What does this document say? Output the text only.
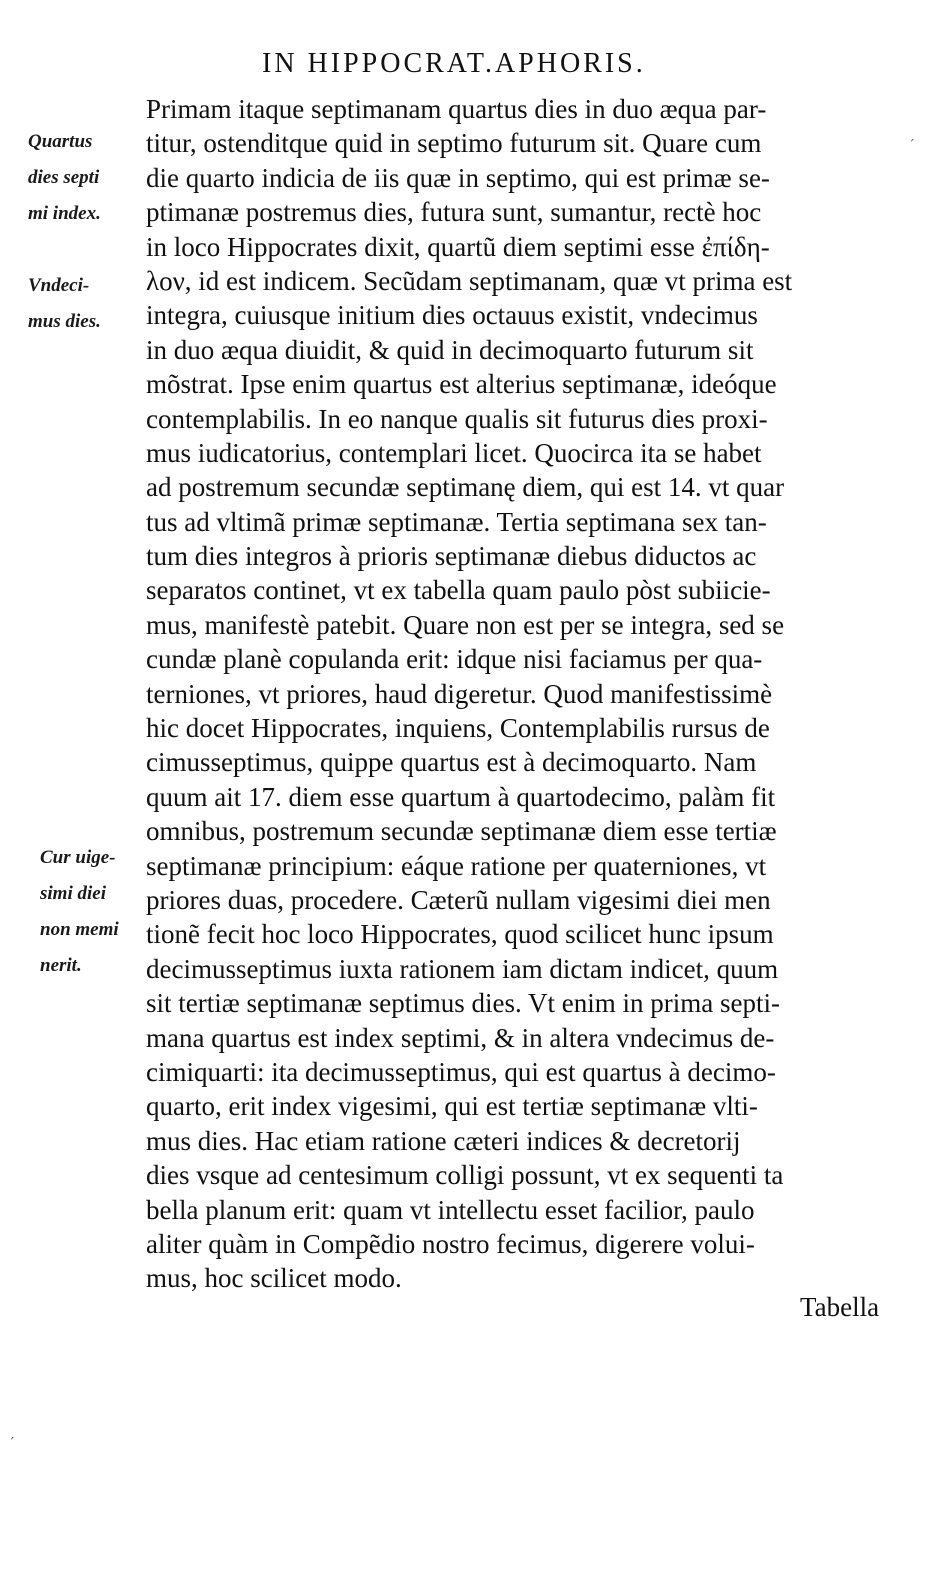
IN HIPPOCRAT.APHORIS.
Quartus
dies septi
mi index.
Vndeci-
mus dies.
Cur uige-
simi diei
non memi
nerit.
Primam itaque septimanam quartus dies in duo æqua par-
titur, ostenditque quid in septimo futurum sit. Quare cum
die quarto indicia de iis quæ in septimo, qui est primæ se-
ptimanæ postremus dies, futura sunt, sumantur, rectè hoc
in loco Hippocrates dixit, quartũ diem septimi esse ἐπίδη-
λον, id est indicem. Secũdam septimanam, quæ vt prima est
integra, cuiusque initium dies octauus existit, vndecimus
in duo æqua diuidit, & quid in decimoquarto futurum sit
mõstrat. Ipse enim quartus est alterius septimanæ, ideóque
contemplabilis. In eo nanque qualis sit futurus dies proxi-
mus iudicatorius, contemplari licet. Quocirca ita se habet
ad postremum secundæ septimanę diem, qui est 14. vt quar
tus ad vltimã primæ septimanæ. Tertia septimana sex tan-
tum dies integros à prioris septimanæ diebus diductos ac
separatos continet, vt ex tabella quam paulo pòst subiicie-
mus, manifestè patebit. Quare non est per se integra, sed se
cundæ planè copulanda erit: idque nisi faciamus per qua-
terniones, vt priores, haud digeretur. Quod manifestissimè
hic docet Hippocrates, inquiens, Contemplabilis rursus de
cimusseptimus, quippe quartus est à decimoquarto. Nam
quum ait 17. diem esse quartum à quartodecimo, palàm fit
omnibus, postremum secundæ septimanæ diem esse tertiæ
septimanæ principium: eáque ratione per quaterniones, vt
priores duas, procedere. Cæterũ nullam vigesimi diei men
tionẽ fecit hoc loco Hippocrates, quod scilicet hunc ipsum
decimusseptimus iuxta rationem iam dictam indicet, quum
sit tertiæ septimanæ septimus dies. Vt enim in prima septi-
mana quartus est index septimi, & in altera vndecimus de-
cimiquarti: ita decimusseptimus, qui est quartus à decimo-
quarto, erit index vigesimi, qui est tertiæ septimanæ vlti-
mus dies. Hac etiam ratione cæteri indices & decretorij
dies vsque ad centesimum colligi possunt, vt ex sequenti ta
bella planum erit: quam vt intellectu esset facilior, paulo
aliter quàm in Compẽdio nostro fecimus, digerere volui-
mus, hoc scilicet modo.
Tabella
ˊ
ˊ
